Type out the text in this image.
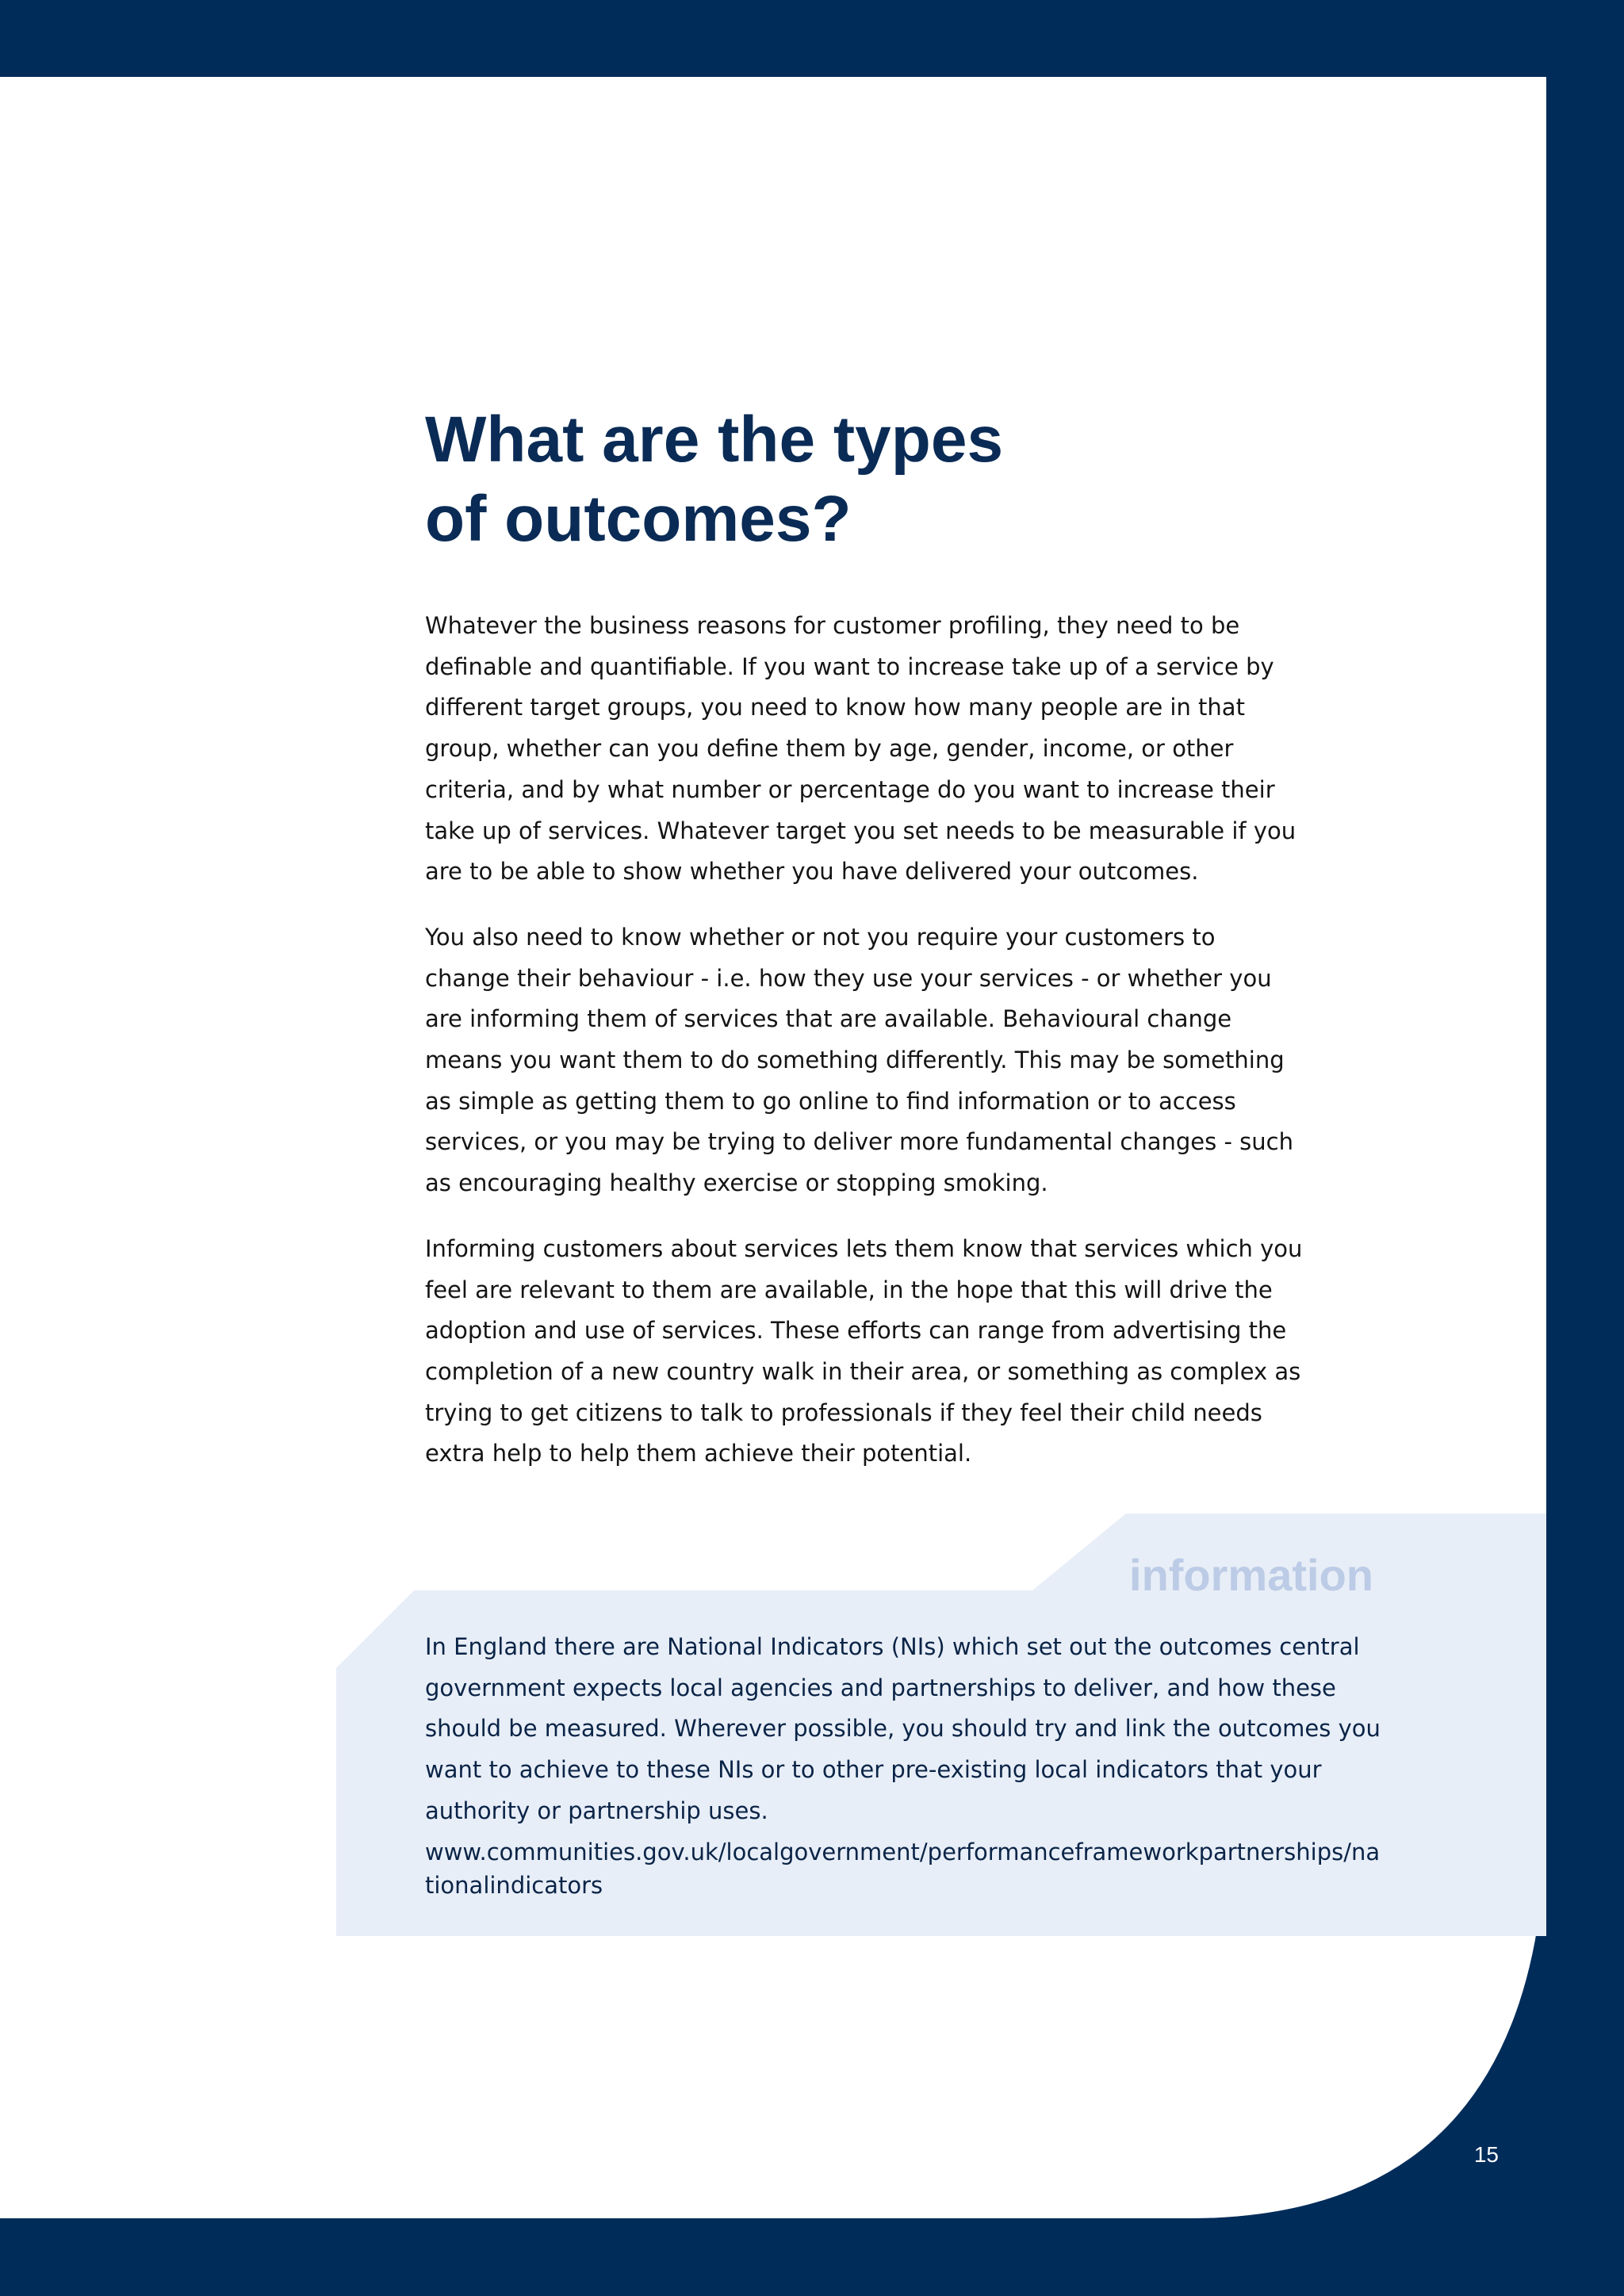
What are the types
of outcomes?

Whatever the business reasons for customer profiling, they need to be definable and quantifiable. If you want to increase take up of a service by different target groups, you need to know how many people are in that group, whether can you define them by age, gender, income, or other criteria, and by what number or percentage do you want to increase their take up of services. Whatever target you set needs to be measurable if you are to be able to show whether you have delivered your outcomes.

You also need to know whether or not you require your customers to change their behaviour - i.e. how they use your services - or whether you are informing them of services that are available. Behavioural change means you want them to do something differently. This may be something as simple as getting them to go online to find information or to access services, or you may be trying to deliver more fundamental changes - such as encouraging healthy exercise or stopping smoking.

Informing customers about services lets them know that services which you feel are relevant to them are available, in the hope that this will drive the adoption and use of services. These efforts can range from advertising the completion of a new country walk in their area, or something as complex as trying to get citizens to talk to professionals if they feel their child needs extra help to help them achieve their potential.

information

In England there are National Indicators (NIs) which set out the outcomes central government expects local agencies and partnerships to deliver, and how these should be measured. Wherever possible, you should try and link the outcomes you want to achieve to these NIs or to other pre-existing local indicators that your authority or partnership uses.

www.communities.gov.uk/localgovernment/performanceframeworkpartnerships/nationalindicators

15
